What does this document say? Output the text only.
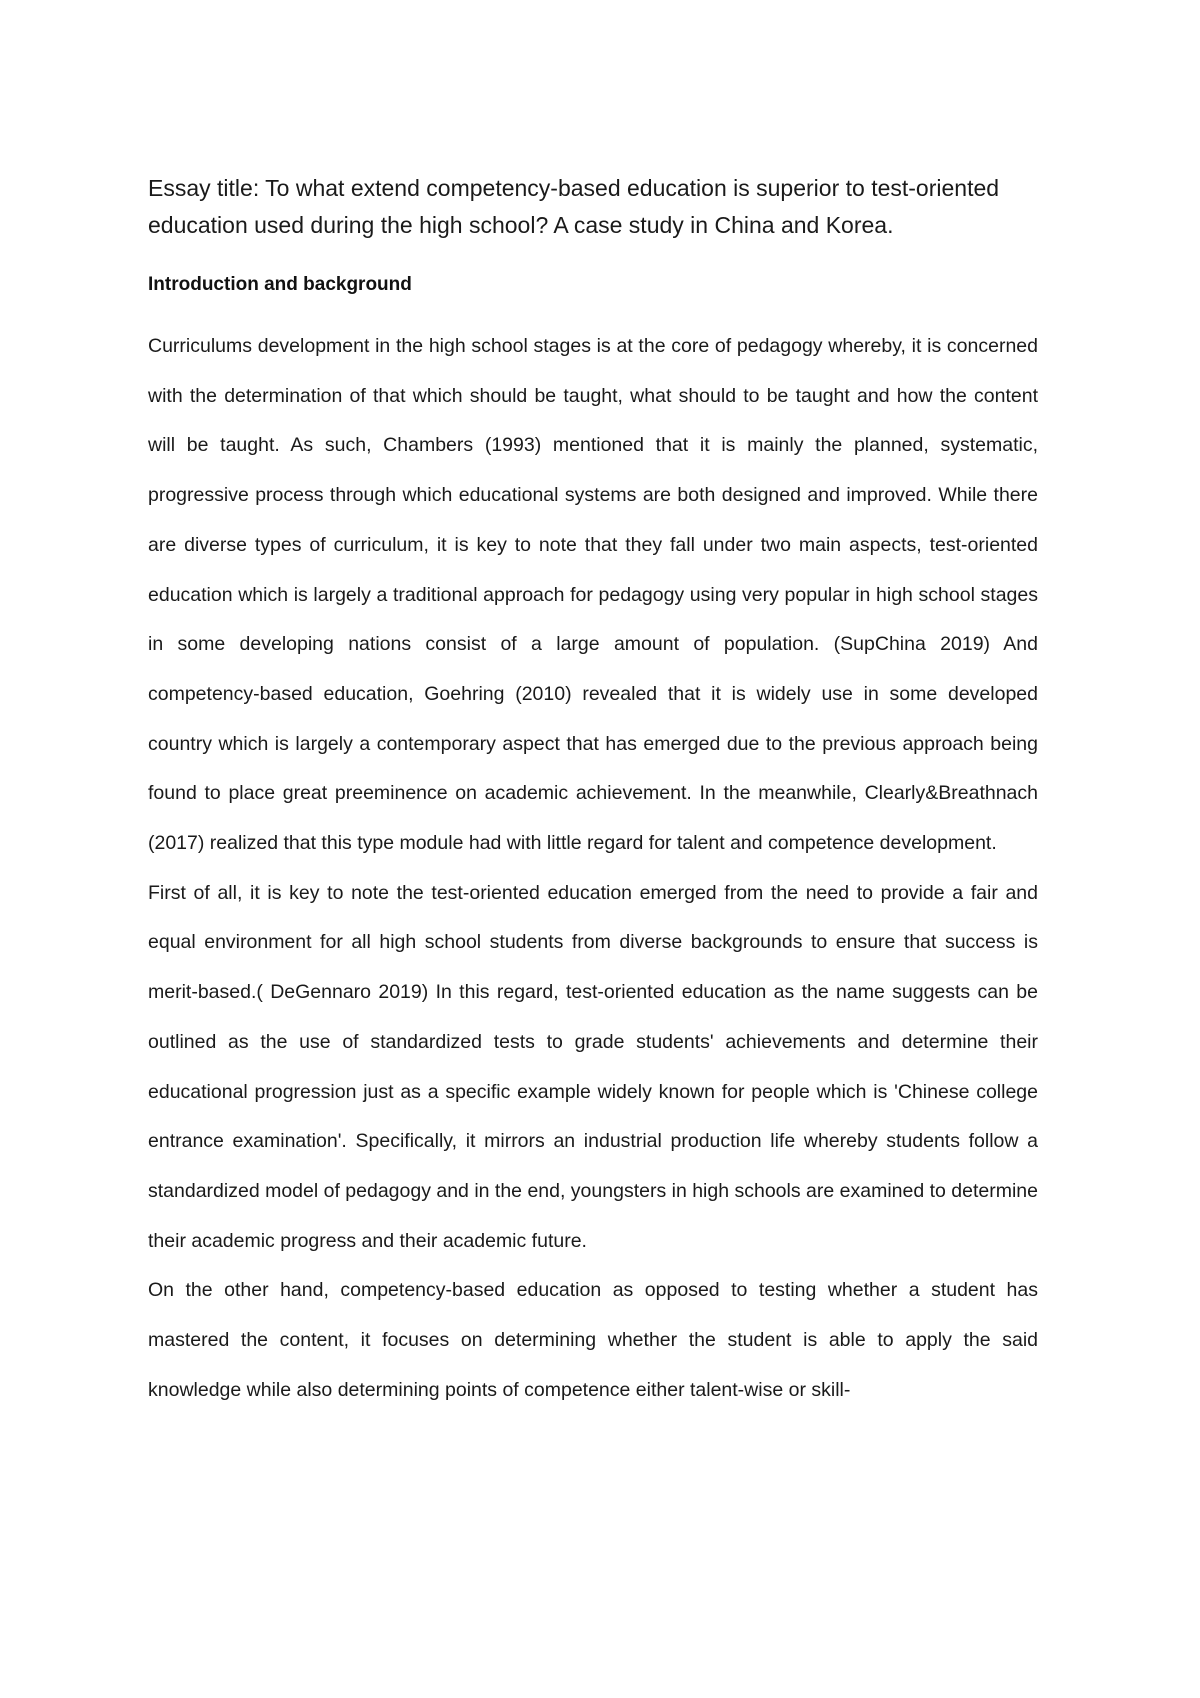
Essay title: To what extend competency-based education is superior to test-oriented education used during the high school? A case study in China and Korea.

Introduction and background

Curriculums development in the high school stages is at the core of pedagogy whereby, it is concerned with the determination of that which should be taught, what should to be taught and how the content will be taught. As such, Chambers (1993) mentioned that it is mainly the planned, systematic, progressive process through which educational systems are both designed and improved. While there are diverse types of curriculum, it is key to note that they fall under two main aspects, test-oriented education which is largely a traditional approach for pedagogy using very popular in high school stages in some developing nations consist of a large amount of population. (SupChina 2019) And competency-based education, Goehring (2010) revealed that it is widely use in some developed country which is largely a contemporary aspect that has emerged due to the previous approach being found to place great preeminence on academic achievement. In the meanwhile, Clearly&Breathnach (2017) realized that this type module had with little regard for talent and competence development.

First of all, it is key to note the test-oriented education emerged from the need to provide a fair and equal environment for all high school students from diverse backgrounds to ensure that success is merit-based.( DeGennaro 2019) In this regard, test-oriented education as the name suggests can be outlined as the use of standardized tests to grade students' achievements and determine their educational progression just as a specific example widely known for people which is 'Chinese college entrance examination'. Specifically, it mirrors an industrial production life whereby students follow a standardized model of pedagogy and in the end, youngsters in high schools are examined to determine their academic progress and their academic future.

On the other hand, competency-based education as opposed to testing whether a student has mastered the content, it focuses on determining whether the student is able to apply the said knowledge while also determining points of competence either talent-wise or skill-
